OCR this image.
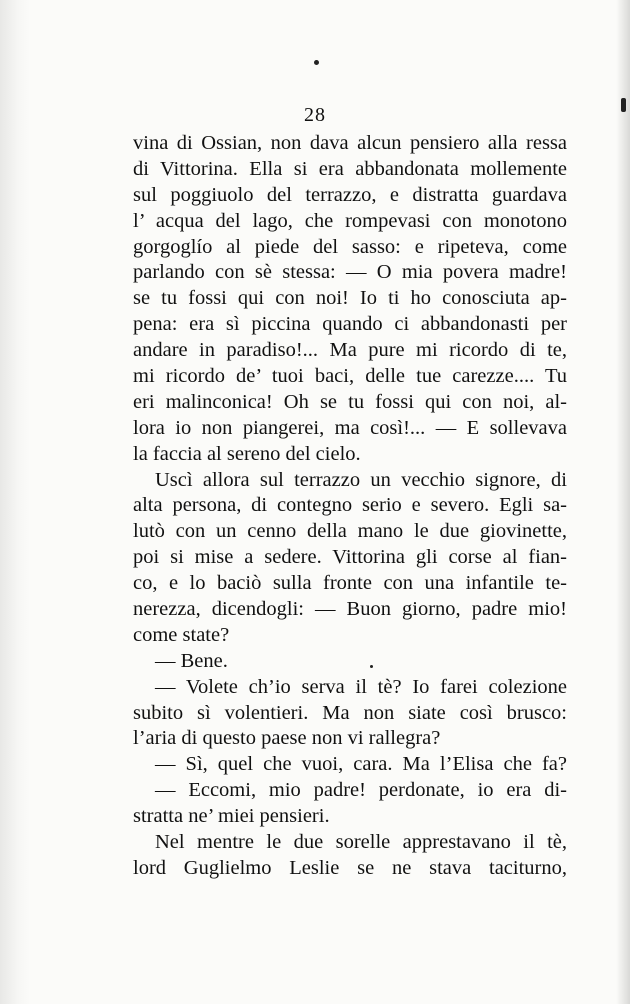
28
vina di Ossian, non dava alcun pensiero alla ressa
di Vittorina. Ella si era abbandonata mollemente
sul poggiuolo del terrazzo, e distratta guardava
l’ acqua del lago, che rompevasi con monotono
gorgoglío al piede del sasso: e ripeteva, come
parlando con sè stessa: — O mia povera madre!
se tu fossi qui con noi! Io ti ho conosciuta ap-
pena: era sì piccina quando ci abbandonasti per
andare in paradiso!... Ma pure mi ricordo di te,
mi ricordo de’ tuoi baci, delle tue carezze.... Tu
eri malinconica! Oh se tu fossi qui con noi, al-
lora io non piangerei, ma così!... — E sollevava
la faccia al sereno del cielo.
Uscì allora sul terrazzo un vecchio signore, di
alta persona, di contegno serio e severo. Egli sa-
lutò con un cenno della mano le due giovinette,
poi si mise a sedere. Vittorina gli corse al fian-
co, e lo baciò sulla fronte con una infantile te-
nerezza, dicendogli: — Buon giorno, padre mio!
come state?
— Bene.
— Volete ch’io serva il tè? Io farei colezione
subito sì volentieri. Ma non siate così brusco:
l’aria di questo paese non vi rallegra?
— Sì, quel che vuoi, cara. Ma l’Elisa che fa?
— Eccomi, mio padre! perdonate, io era di-
stratta ne’ miei pensieri.
Nel mentre le due sorelle apprestavano il tè,
lord Guglielmo Leslie se ne stava taciturno,
